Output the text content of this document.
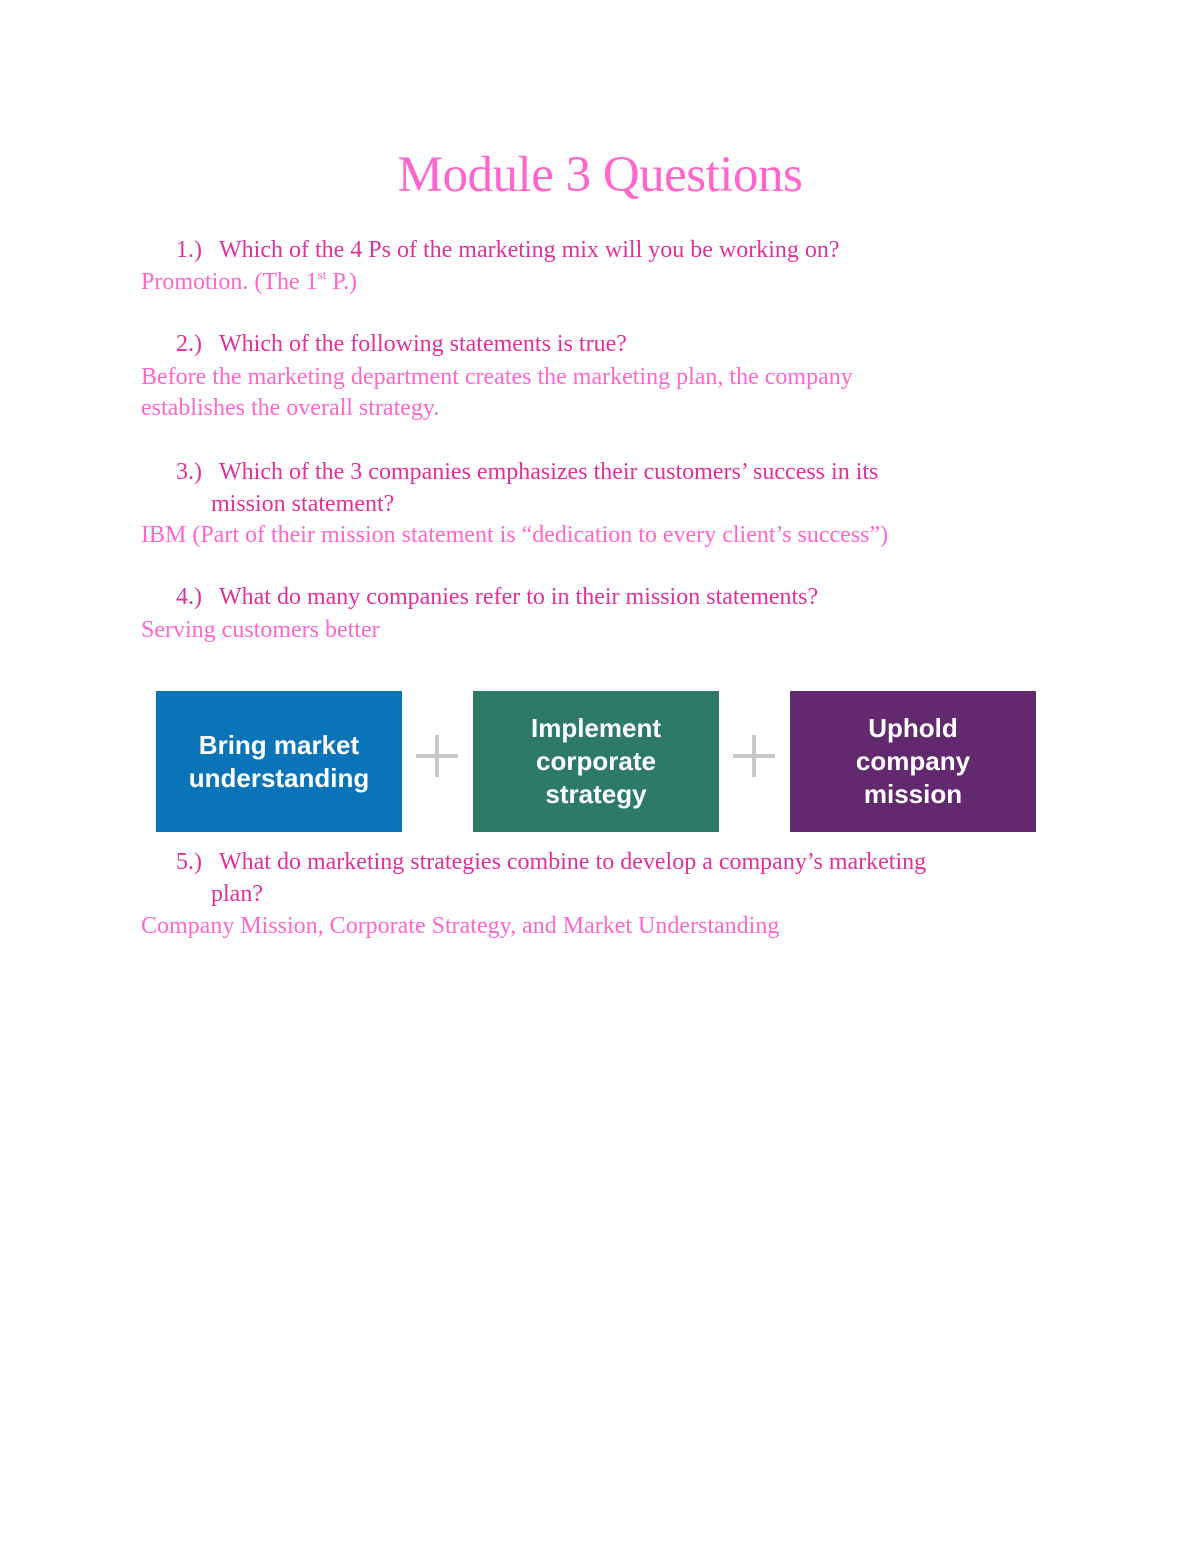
Module 3 Questions
1.) Which of the 4 Ps of the marketing mix will you be working on?
Promotion. (The 1st P.)
2.) Which of the following statements is true?
Before the marketing department creates the marketing plan, the company
establishes the overall strategy.
3.) Which of the 3 companies emphasizes their customers’ success in its
mission statement?
IBM (Part of their mission statement is “dedication to every client’s success”)
4.) What do many companies refer to in their mission statements?
Serving customers better
Bring market
understanding
Implement
corporate
strategy
Uphold
company
mission
5.) What do marketing strategies combine to develop a company’s marketing
plan?
Company Mission, Corporate Strategy, and Market Understanding
